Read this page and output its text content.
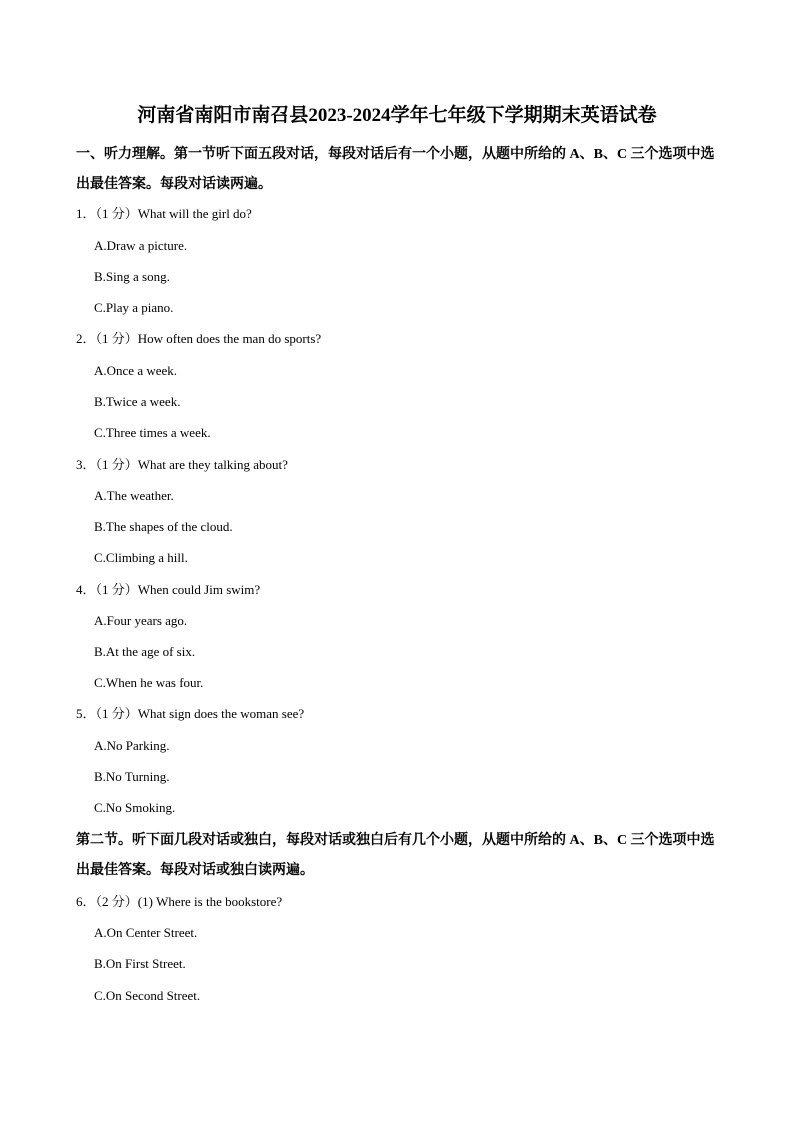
河南省南阳市南召县2023-2024学年七年级下学期期末英语试卷

一、听力理解。第一节听下面五段对话，每段对话后有一个小题，从题中所给的 A、B、C 三个选项中选

出最佳答案。每段对话读两遍。

1．（1 分）What will the girl do?
A.Draw a picture.
B.Sing a song.
C.Play a piano.
2．（1 分）How often does the man do sports?
A.Once a week.
B.Twice a week.
C.Three times a week.
3．（1 分）What are they talking about?
A.The weather.
B.The shapes of the cloud.
C.Climbing a hill.
4．（1 分）When could Jim swim?
A.Four years ago.
B.At the age of six.
C.When he was four.
5．（1 分）What sign does the woman see?
A.No Parking.
B.No Turning.
C.No Smoking.

第二节。听下面几段对话或独白，每段对话或独白后有几个小题，从题中所给的 A、B、C 三个选项中选

出最佳答案。每段对话或独白读两遍。

6．（2 分）(1) Where is the bookstore?
A.On Center Street.
B.On First Street.
C.On Second Street.
